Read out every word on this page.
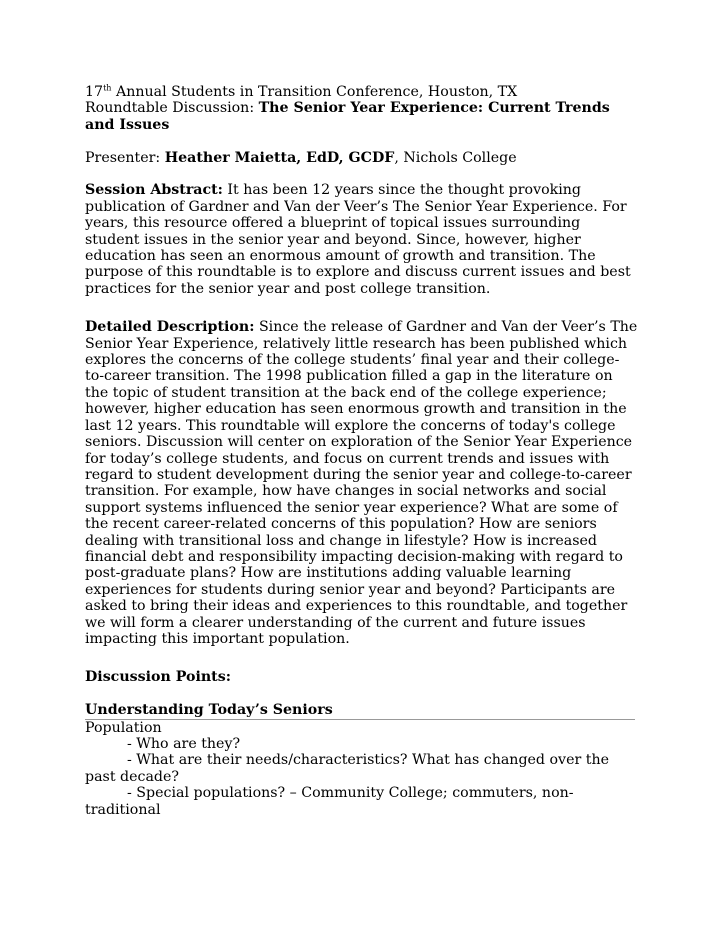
17th Annual Students in Transition Conference, Houston, TX
Roundtable Discussion: The Senior Year Experience: Current Trends
and Issues
Presenter: Heather Maietta, EdD, GCDF, Nichols College
Session Abstract: It has been 12 years since the thought provoking
publication of Gardner and Van der Veer’s The Senior Year Experience. For
years, this resource offered a blueprint of topical issues surrounding
student issues in the senior year and beyond. Since, however, higher
education has seen an enormous amount of growth and transition. The
purpose of this roundtable is to explore and discuss current issues and best
practices for the senior year and post college transition.
Detailed Description: Since the release of Gardner and Van der Veer’s The
Senior Year Experience, relatively little research has been published which
explores the concerns of the college students’ final year and their college-
to-career transition. The 1998 publication filled a gap in the literature on
the topic of student transition at the back end of the college experience;
however, higher education has seen enormous growth and transition in the
last 12 years. This roundtable will explore the concerns of today's college
seniors. Discussion will center on exploration of the Senior Year Experience
for today’s college students, and focus on current trends and issues with
regard to student development during the senior year and college-to-career
transition. For example, how have changes in social networks and social
support systems influenced the senior year experience? What are some of
the recent career-related concerns of this population? How are seniors
dealing with transitional loss and change in lifestyle? How is increased
financial debt and responsibility impacting decision-making with regard to
post-graduate plans? How are institutions adding valuable learning
experiences for students during senior year and beyond? Participants are
asked to bring their ideas and experiences to this roundtable, and together
we will form a clearer understanding of the current and future issues
impacting this important population.
Discussion Points:
Understanding Today’s Seniors
Population
- Who are they?
- What are their needs/characteristics? What has changed over the
past decade?
- Special populations? – Community College; commuters, non-
traditional
